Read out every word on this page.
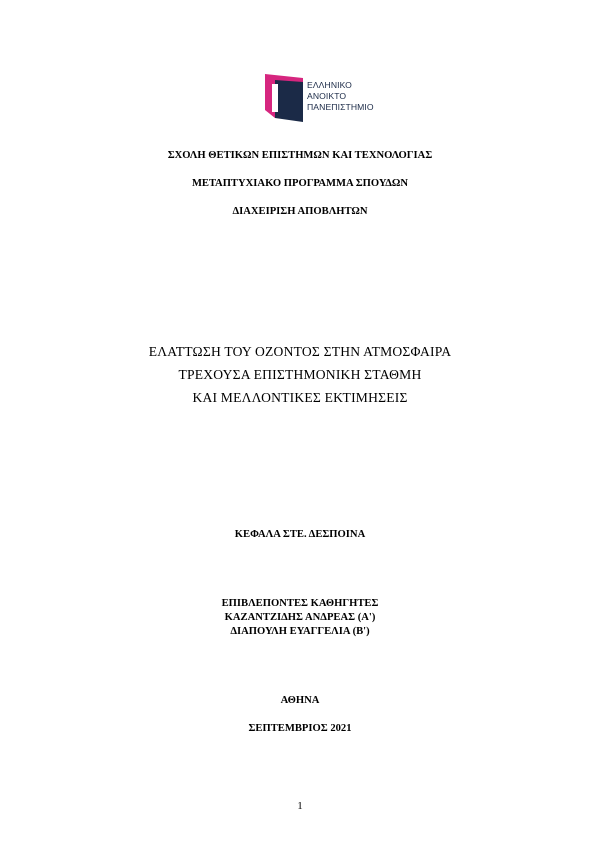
ΕΛΛΗΝΙΚΟ
ΑΝΟΙΚΤΟ
ΠΑΝΕΠΙΣΤΗΜΙΟ
ΣΧΟΛΗ ΘΕΤΙΚΩΝ ΕΠΙΣΤΗΜΩΝ ΚΑΙ ΤΕΧΝΟΛΟΓΙΑΣ
ΜΕΤΑΠΤΥΧΙΑΚΟ ΠΡΟΓΡΑΜΜΑ ΣΠΟΥΔΩΝ
ΔΙΑΧΕΙΡΙΣΗ ΑΠΟΒΛΗΤΩΝ
ΕΛΑΤΤΩΣΗ ΤΟΥ ΟΖΟΝΤΟΣ ΣΤΗΝ ΑΤΜΟΣΦΑΙΡΑ
ΤΡΕΧΟΥΣΑ ΕΠΙΣΤΗΜΟΝΙΚΗ ΣΤΑΘΜΗ
ΚΑΙ ΜΕΛΛΟΝΤΙΚΕΣ ΕΚΤΙΜΗΣΕΙΣ
ΚΕΦΑΛΑ ΣΤΕ. ΔΕΣΠΟΙΝΑ
ΕΠΙΒΛΕΠΟΝΤΕΣ ΚΑΘΗΓΗΤΕΣ
ΚΑΖΑΝΤΖΙΔΗΣ ΑΝΔΡΕΑΣ (Α')
ΔΙΑΠΟΥΛΗ ΕΥΑΓΓΕΛΙΑ (Β')
ΑΘΗΝΑ
ΣΕΠΤΕΜΒΡΙΟΣ 2021
1
